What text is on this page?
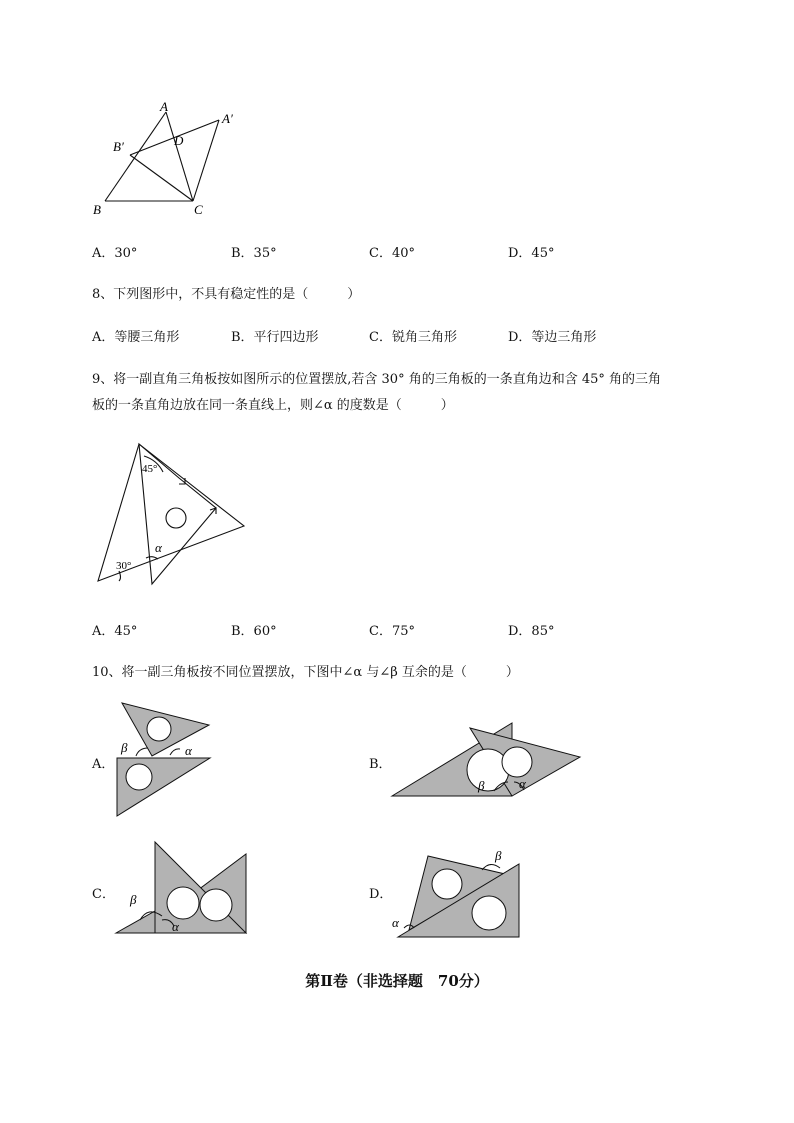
A
A′
B′	D
B	C
A．30°	B．35°	C．40°	D．45°
8、下列图形中，不具有稳定性的是（　　　）
A．等腰三角形	B．平行四边形	C．锐角三角形	D．等边三角形
9、将一副直角三角板按如图所示的位置摆放,若含 30° 角的三角板的一条直角边和含 45° 角的三角
板的一条直角边放在同一条直线上，则∠α 的度数是（　　　）
45°
30°
α
A．45°	B．60°	C．75°	D．85°
10、将一副三角板按不同位置摆放，下图中∠α 与∠β 互余的是（　　　）
A．
β	α
B．
β	α
C． β
α
D．
β
α
第Ⅱ卷（非选择题　70分）
